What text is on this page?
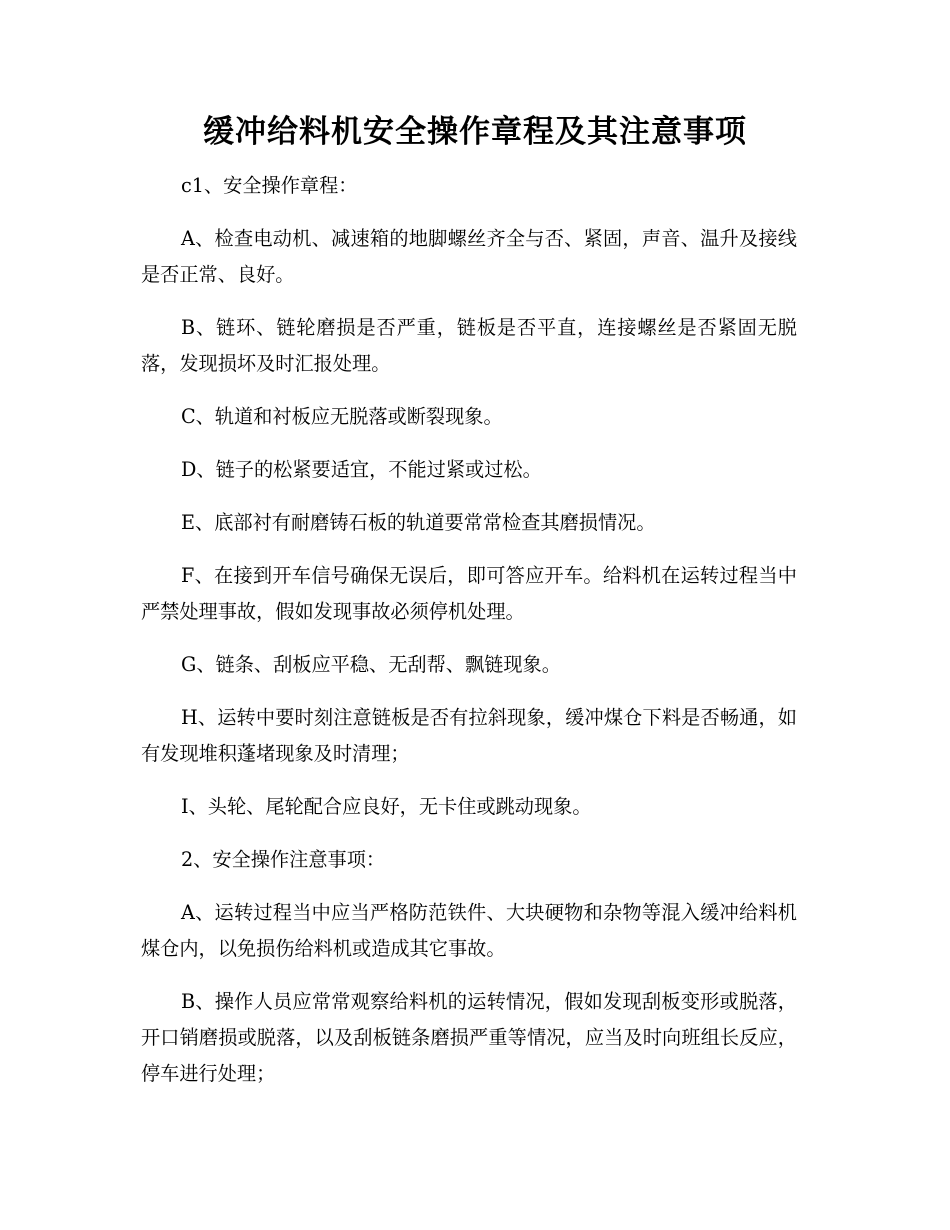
缓冲给料机安全操作章程及其注意事项

c1、安全操作章程：

A、检查电动机、减速箱的地脚螺丝齐全与否、紧固，声音、温升及接线是否正常、良好。

B、链环、链轮磨损是否严重，链板是否平直，连接螺丝是否紧固无脱落，发现损坏及时汇报处理。

C、轨道和衬板应无脱落或断裂现象。

D、链子的松紧要适宜，不能过紧或过松。

E、底部衬有耐磨铸石板的轨道要常常检查其磨损情况。

F、在接到开车信号确保无误后，即可答应开车。给料机在运转过程当中严禁处理事故，假如发现事故必须停机处理。

G、链条、刮板应平稳、无刮帮、飘链现象。

H、运转中要时刻注意链板是否有拉斜现象，缓冲煤仓下料是否畅通，如有发现堆积蓬堵现象及时清理；

I、头轮、尾轮配合应良好，无卡住或跳动现象。

2、安全操作注意事项：

A、运转过程当中应当严格防范铁件、大块硬物和杂物等混入缓冲给料机煤仓内，以免损伤给料机或造成其它事故。

B、操作人员应常常观察给料机的运转情况，假如发现刮板变形或脱落，开口销磨损或脱落，以及刮板链条磨损严重等情况，应当及时向班组长反应，停车进行处理；
